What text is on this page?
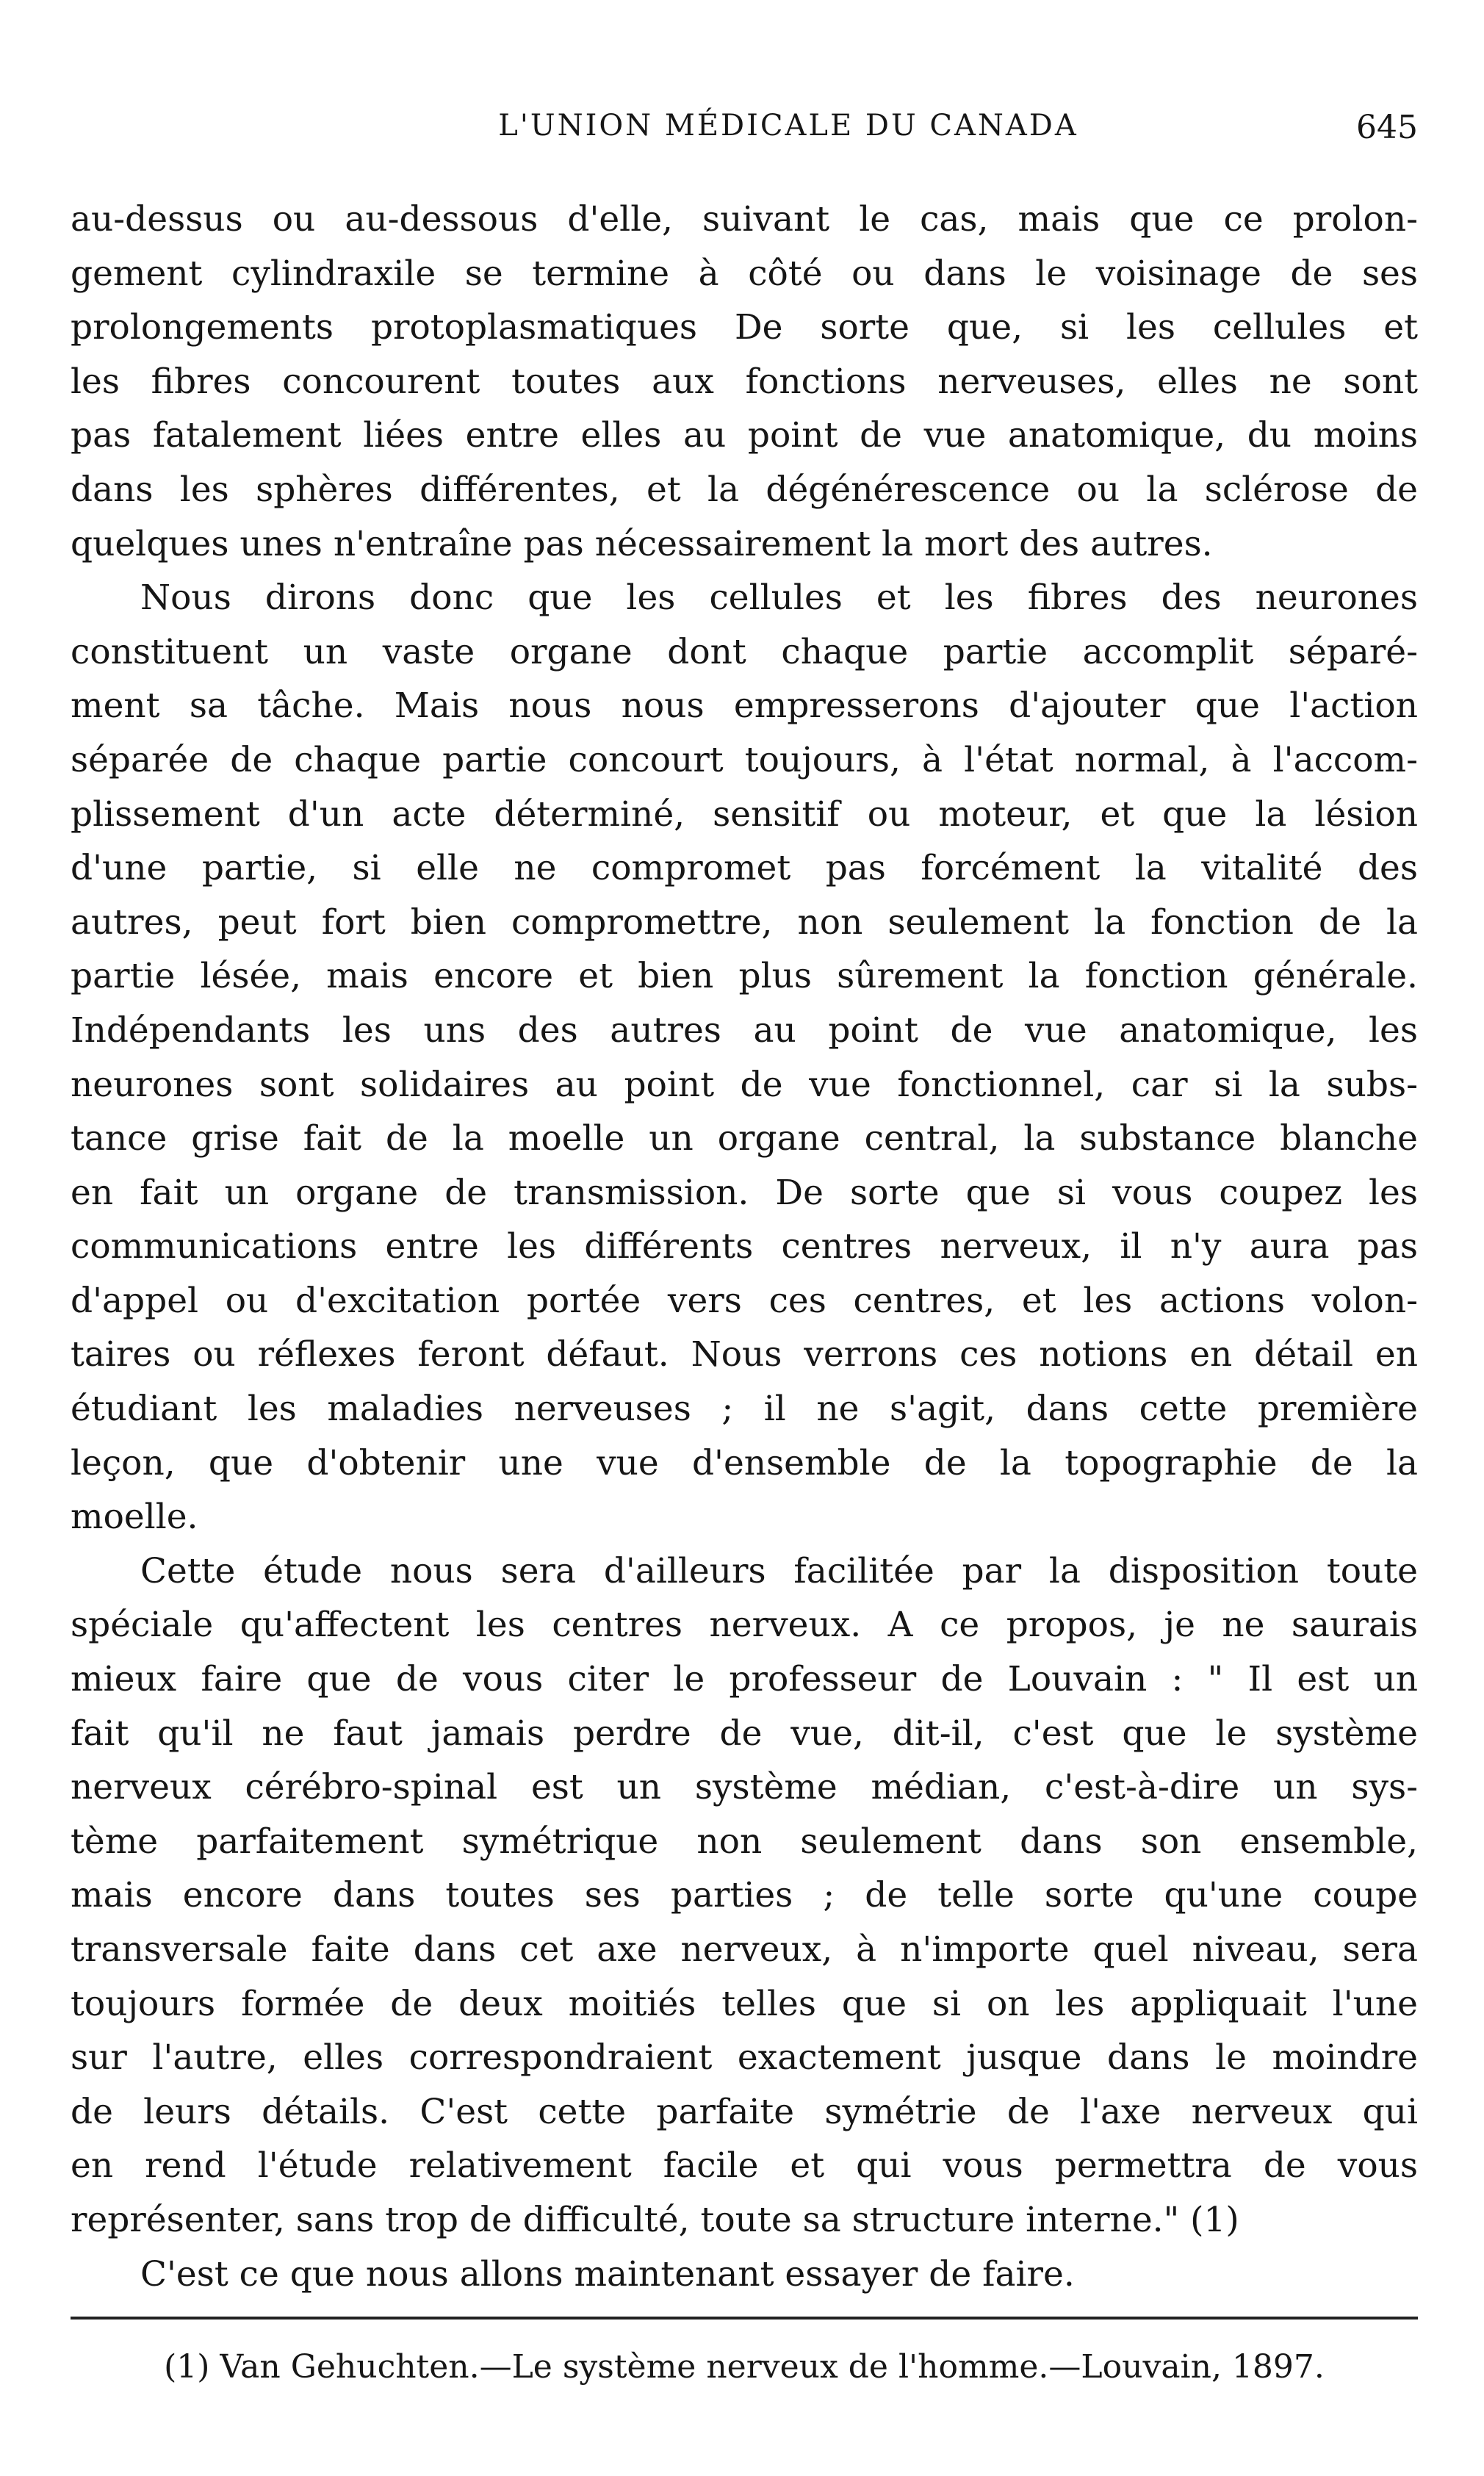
L'UNION MÉDICALE DU CANADA	645
au-dessus ou au-dessous d'elle, suivant le cas, mais que ce prolon-
gement cylindraxile se termine à côté ou dans le voisinage de ses
prolongements protoplasmatiques De sorte que, si les cellules et
les fibres concourent toutes aux fonctions nerveuses, elles ne sont
pas fatalement liées entre elles au point de vue anatomique, du moins
dans les sphères différentes, et la dégénérescence ou la sclérose de
quelques unes n'entraîne pas nécessairement la mort des autres.
Nous dirons donc que les cellules et les fibres des neurones
constituent un vaste organe dont chaque partie accomplit séparé-
ment sa tâche. Mais nous nous empresserons d'ajouter que l'action
séparée de chaque partie concourt toujours, à l'état normal, à l'accom-
plissement d'un acte déterminé, sensitif ou moteur, et que la lésion
d'une partie, si elle ne compromet pas forcément la vitalité des
autres, peut fort bien compromettre, non seulement la fonction de la
partie lésée, mais encore et bien plus sûrement la fonction générale.
Indépendants les uns des autres au point de vue anatomique, les
neurones sont solidaires au point de vue fonctionnel, car si la subs-
tance grise fait de la moelle un organe central, la substance blanche
en fait un organe de transmission. De sorte que si vous coupez les
communications entre les différents centres nerveux, il n'y aura pas
d'appel ou d'excitation portée vers ces centres, et les actions volon-
taires ou réflexes feront défaut. Nous verrons ces notions en détail en
étudiant les maladies nerveuses ; il ne s'agit, dans cette première
leçon, que d'obtenir une vue d'ensemble de la topographie de la
moelle.
Cette étude nous sera d'ailleurs facilitée par la disposition toute
spéciale qu'affectent les centres nerveux. A ce propos, je ne saurais
mieux faire que de vous citer le professeur de Louvain : " Il est un
fait qu'il ne faut jamais perdre de vue, dit-il, c'est que le système
nerveux cérébro-spinal est un système médian, c'est-à-dire un sys-
tème parfaitement symétrique non seulement dans son ensemble,
mais encore dans toutes ses parties ; de telle sorte qu'une coupe
transversale faite dans cet axe nerveux, à n'importe quel niveau, sera
toujours formée de deux moitiés telles que si on les appliquait l'une
sur l'autre, elles correspondraient exactement jusque dans le moindre
de leurs détails. C'est cette parfaite symétrie de l'axe nerveux qui
en rend l'étude relativement facile et qui vous permettra de vous
représenter, sans trop de difficulté, toute sa structure interne." (1)
C'est ce que nous allons maintenant essayer de faire.
(1) Van Gehuchten.—Le système nerveux de l'homme.—Louvain, 1897.
